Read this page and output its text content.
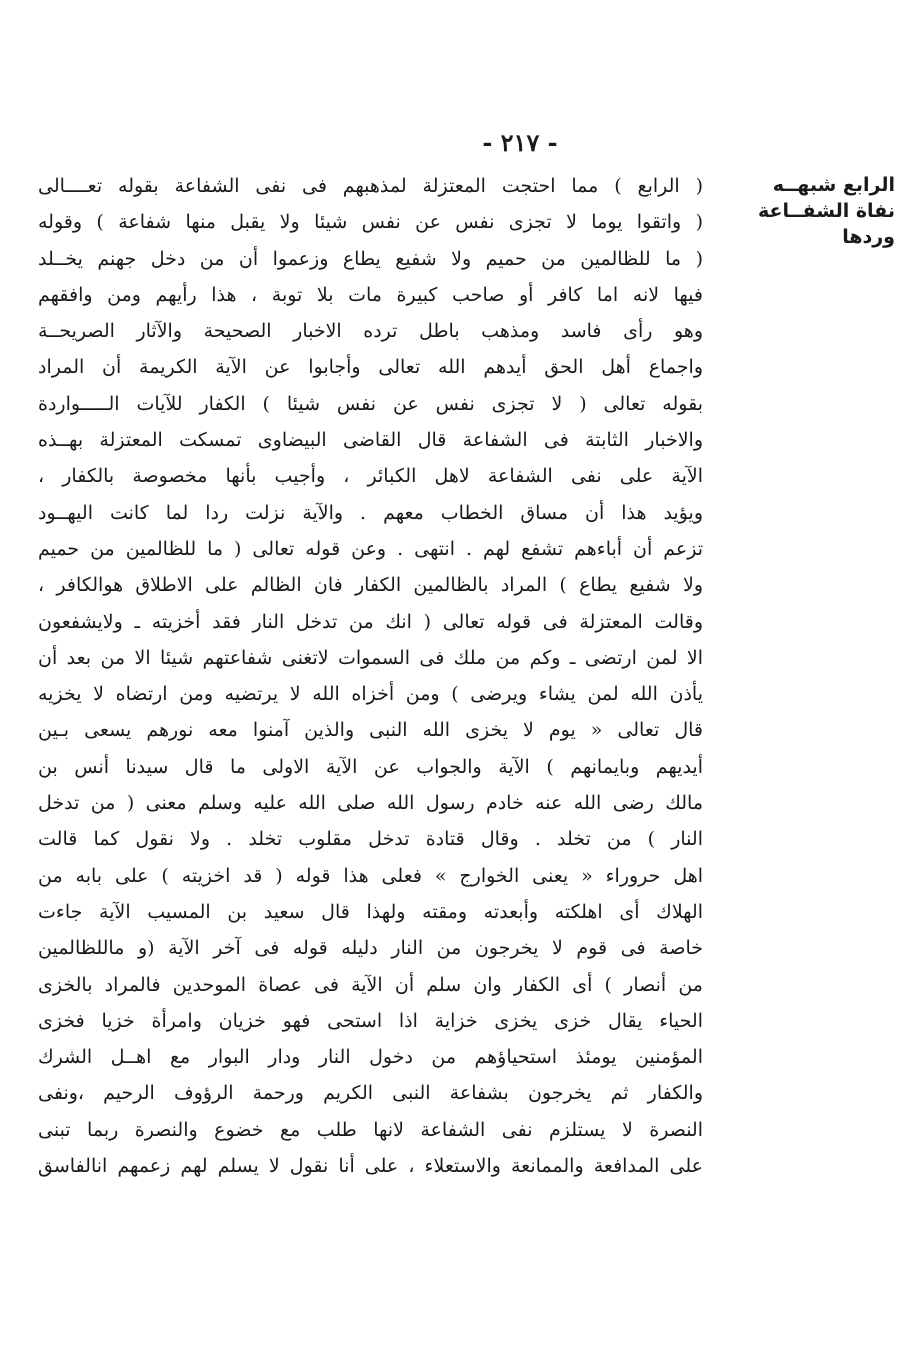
- ٢١٧ -
الرابع شبهــه
نفاة الشفــاعة
وردها
( الرابع ) مما احتجت المعتزلة لمذهبهم فى نفى الشفاعة بقوله تعــــالى
( واتقوا يوما لا تجزى نفس عن نفس شيئا ولا يقبل منها شفاعة ) وقوله
( ما للظالمين من حميم ولا شفيع يطاع وزعموا أن من دخل جهنم يخــلد
فيها لانه اما كافر أو صاحب كبيرة مات بلا توبة ، هذا رأيهم ومن وافقهم
وهو رأى فاسد ومذهب باطل ترده الاخبار الصحيحة والآثار الصريحــة
واجماع أهل الحق أيدهم الله تعالى وأجابوا عن الآية الكريمة أن المراد
بقوله تعالى ( لا تجزى نفس عن نفس شيئا ) الكفار للآيات الـــــواردة
والاخبار الثابتة فى الشفاعة قال القاضى البيضاوى تمسكت المعتزلة بهــذه
الآية على نفى الشفاعة لاهل الكبائر ، وأجيب بأنها مخصوصة بالكفار ،
ويؤيد هذا أن مساق الخطاب معهم . والآية نزلت ردا لما كانت اليهــود
تزعم أن أباءهم تشفع لهم . انتهى . وعن قوله تعالى ( ما للظالمين من حميم
ولا شفيع يطاع ) المراد بالظالمين الكفار فان الظالم على الاطلاق هوالكافر ،
وقالت المعتزلة فى قوله تعالى ( انك من تدخل النار فقد أخزيته ـ ولايشفعون
الا لمن ارتضى ـ وكم من ملك فى السموات لاتغنى شفاعتهم شيئا الا من بعد أن
يأذن الله لمن يشاء ويرضى ) ومن أخزاه الله لا يرتضيه ومن ارتضاه لا يخزيه
قال تعالى « يوم لا يخزى الله النبى والذين آمنوا معه نورهم يسعى بـين
أيديهم وبايمانهم ) الآية والجواب عن الآية الاولى ما قال سيدنا أنس بن
مالك رضى الله عنه خادم رسول الله صلى الله عليه وسلم معنى ( من تدخل
النار ) من تخلد . وقال قتادة تدخل مقلوب تخلد . ولا نقول كما قالت
اهل حروراء « يعنى الخوارج » فعلى هذا قوله ( قد اخزيته ) على بابه من
الهلاك أى اهلكته وأبعدته ومقته ولهذا قال سعيد بن المسيب الآية جاءت
خاصة فى قوم لا يخرجون من النار دليله قوله فى آخر الآية (و ماللظالمين
من أنصار ) أى الكفار وان سلم أن الآية فى عصاة الموحدين فالمراد بالخزى
الحياء يقال خزى يخزى خزاية اذا استحى فهو خزيان وامرأة خزيا فخزى
المؤمنين يومئذ استحياؤهم من دخول النار ودار البوار مع اهــل الشرك
والكفار ثم يخرجون بشفاعة النبى الكريم ورحمة الرؤوف الرحيم ،ونفى
النصرة لا يستلزم نفى الشفاعة لانها طلب مع خضوع والنصرة ربما تبنى
على المدافعة والممانعة والاستعلاء ، على أنا نقول لا يسلم لهم زعمهم انالفاسق
